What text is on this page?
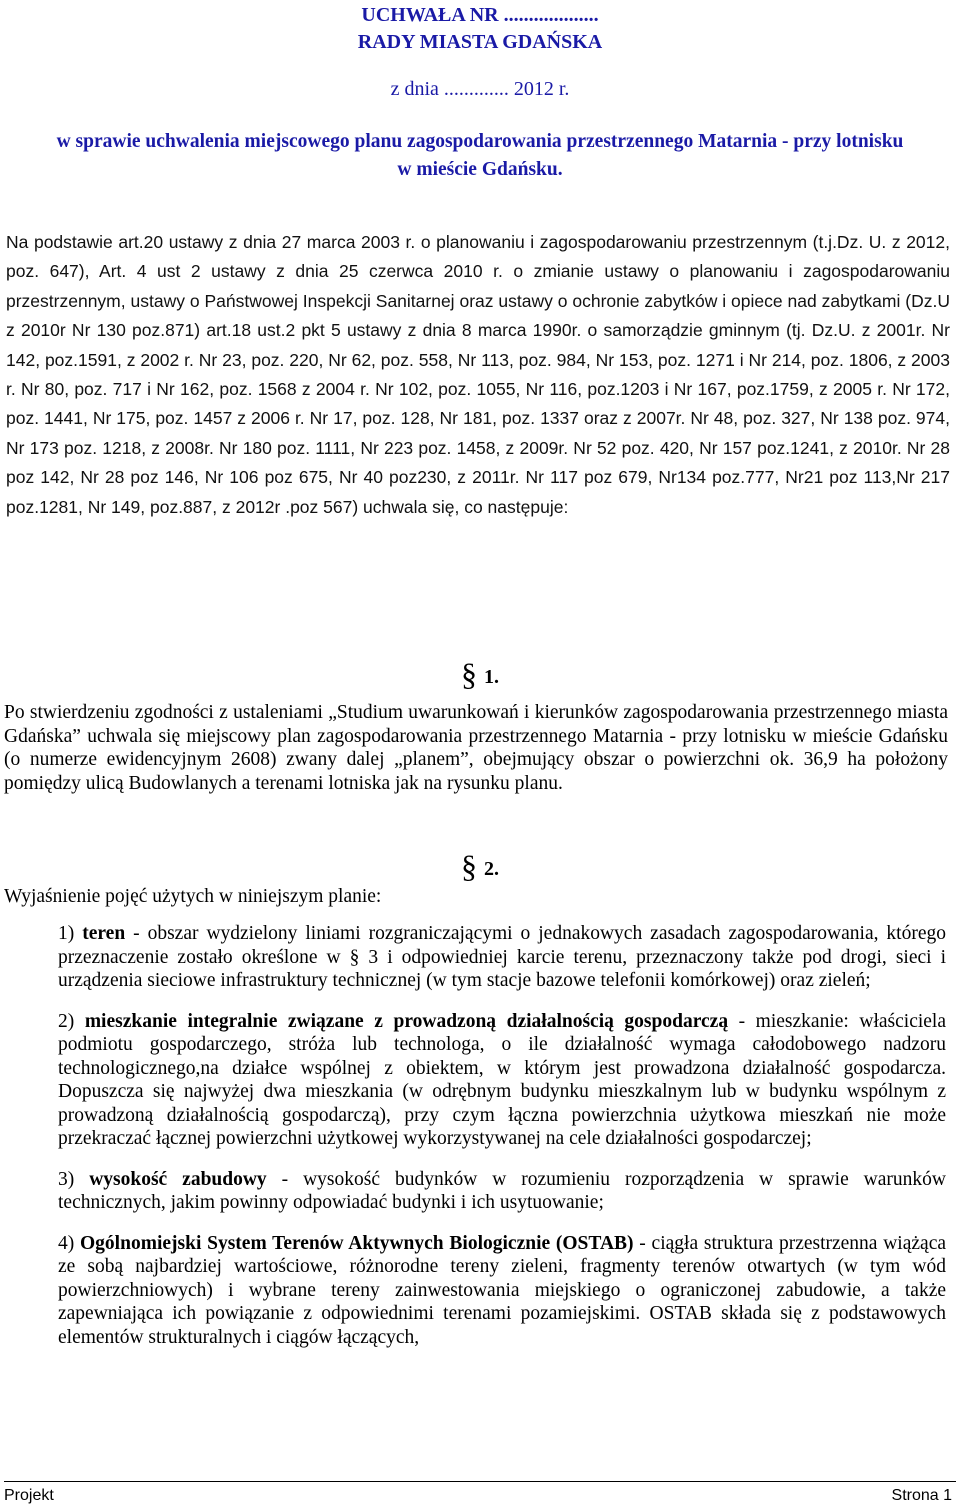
UCHWAŁA NR ...................
RADY MIASTA GDAŃSKA
z dnia ............. 2012 r.
w sprawie uchwalenia miejscowego planu zagospodarowania przestrzennego Matarnia - przy lotnisku
w mieście Gdańsku.
Na podstawie art.20 ustawy z dnia 27 marca 2003 r. o planowaniu i zagospodarowaniu przestrzennym (t.j.Dz. U. z 2012, poz. 647), Art. 4 ust 2 ustawy z dnia 25 czerwca 2010 r. o zmianie ustawy o planowaniu i zagospodarowaniu przestrzennym, ustawy o Państwowej Inspekcji Sanitarnej oraz ustawy o ochronie zabytków i opiece nad zabytkami (Dz.U z 2010r Nr 130 poz.871) art.18 ust.2 pkt 5 ustawy z dnia 8 marca 1990r. o samorządzie gminnym (tj. Dz.U. z 2001r. Nr 142, poz.1591, z 2002 r. Nr 23, poz. 220, Nr 62, poz. 558, Nr 113, poz. 984, Nr 153, poz. 1271 i Nr 214, poz. 1806, z 2003 r. Nr 80, poz. 717 i Nr 162, poz. 1568 z 2004 r. Nr 102, poz. 1055, Nr 116, poz.1203 i Nr 167, poz.1759, z 2005 r. Nr 172, poz. 1441, Nr 175, poz. 1457 z 2006 r. Nr 17, poz. 128, Nr 181, poz. 1337 oraz z 2007r. Nr 48, poz. 327, Nr 138 poz. 974, Nr 173 poz. 1218, z 2008r. Nr 180 poz. 1111, Nr 223 poz. 1458, z 2009r. Nr 52 poz. 420, Nr 157 poz.1241, z 2010r. Nr 28 poz 142, Nr 28 poz 146, Nr 106 poz 675, Nr 40 poz230, z 2011r. Nr 117 poz 679, Nr134 poz.777, Nr21 poz 113,Nr 217 poz.1281, Nr 149, poz.887, z 2012r .poz 567) uchwala się, co następuje:
§ 1.
Po stwierdzeniu zgodności z ustaleniami „Studium uwarunkowań i kierunków zagospodarowania przestrzennego miasta Gdańska” uchwala się miejscowy plan zagospodarowania przestrzennego Matarnia - przy lotnisku w mieście Gdańsku (o numerze ewidencyjnym 2608) zwany dalej „planem”, obejmujący obszar o powierzchni ok. 36,9 ha położony pomiędzy ulicą Budowlanych a terenami lotniska jak na rysunku planu.
§ 2.
Wyjaśnienie pojęć użytych w niniejszym planie:
1) teren - obszar wydzielony liniami rozgraniczającymi o jednakowych zasadach zagospodarowania, którego przeznaczenie zostało określone w § 3 i odpowiedniej karcie terenu, przeznaczony także pod drogi, sieci i urządzenia sieciowe infrastruktury technicznej (w tym stacje bazowe telefonii komórkowej) oraz zieleń;
2) mieszkanie integralnie związane z prowadzoną działalnością gospodarczą - mieszkanie: właściciela podmiotu gospodarczego, stróża lub technologa, o ile działalność wymaga całodobowego nadzoru technologicznego,na działce wspólnej z obiektem, w którym jest prowadzona działalność gospodarcza. Dopuszcza się najwyżej dwa mieszkania (w odrębnym budynku mieszkalnym lub w budynku wspólnym z prowadzoną działalnością gospodarczą), przy czym łączna powierzchnia użytkowa mieszkań nie może przekraczać łącznej powierzchni użytkowej wykorzystywanej na cele działalności gospodarczej;
3) wysokość zabudowy - wysokość budynków w rozumieniu rozporządzenia w sprawie warunków technicznych, jakim powinny odpowiadać budynki i ich usytuowanie;
4) Ogólnomiejski System Terenów Aktywnych Biologicznie (OSTAB) - ciągła struktura przestrzenna wiążąca ze sobą najbardziej wartościowe, różnorodne tereny zieleni, fragmenty terenów otwartych (w tym wód powierzchniowych) i wybrane tereny zainwestowania miejskiego o ograniczonej zabudowie, a także zapewniająca ich powiązanie z odpowiednimi terenami pozamiejskimi. OSTAB składa się z podstawowych elementów strukturalnych i ciągów łączących,
Projekt	Strona 1
